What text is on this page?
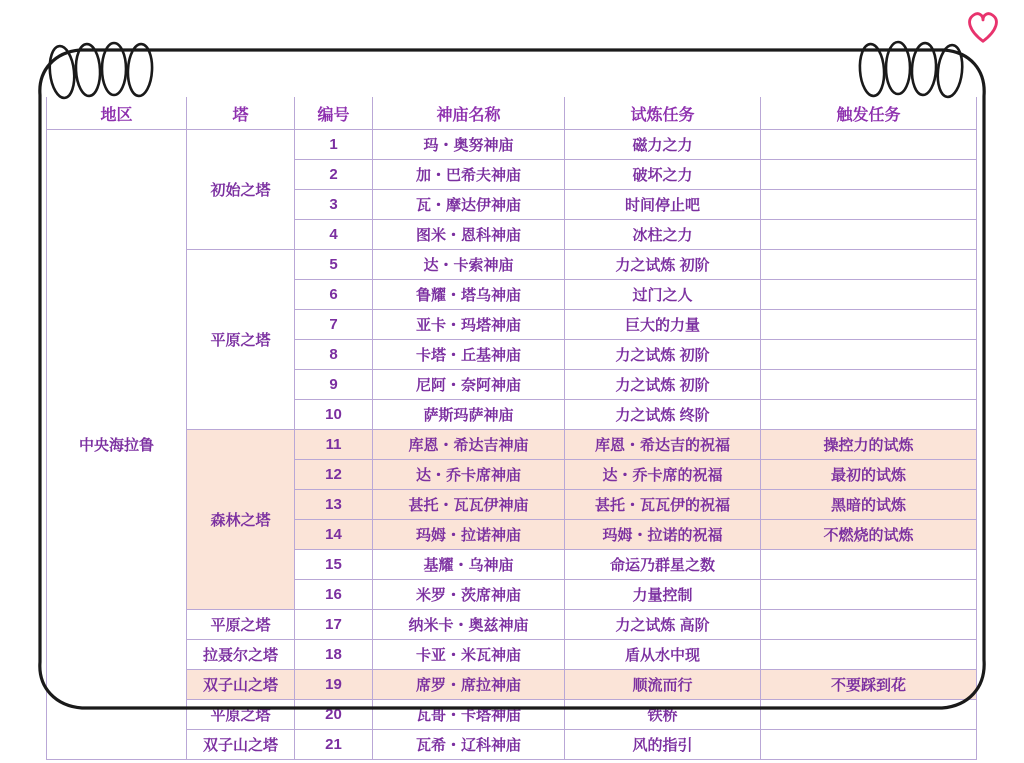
地区	塔	编号	神庙名称	试炼任务	触发任务
中央海拉鲁	初始之塔	1	玛・奥努神庙	磁力之力	
		2	加・巴希夫神庙	破坏之力	
		3	瓦・摩达伊神庙	时间停止吧	
		4	图米・恩科神庙	冰柱之力	
	平原之塔	5	达・卡索神庙	力之试炼 初阶	
		6	鲁耀・塔乌神庙	过门之人	
		7	亚卡・玛塔神庙	巨大的力量	
		8	卡塔・丘基神庙	力之试炼 初阶	
		9	尼阿・奈阿神庙	力之试炼 初阶	
		10	萨斯玛萨神庙	力之试炼 终阶	
	森林之塔	11	库恩・希达吉神庙	库恩・希达吉的祝福	操控力的试炼
		12	达・乔卡席神庙	达・乔卡席的祝福	最初的试炼
		13	甚托・瓦瓦伊神庙	甚托・瓦瓦伊的祝福	黑暗的试炼
		14	玛姆・拉诺神庙	玛姆・拉诺的祝福	不燃烧的试炼
		15	基耀・乌神庙	命运乃群星之数	
		16	米罗・茨席神庙	力量控制	
	平原之塔	17	纳米卡・奥兹神庙	力之试炼 高阶	
	拉聂尔之塔	18	卡亚・米瓦神庙	盾从水中现	
	双子山之塔	19	席罗・席拉神庙	顺流而行	不要踩到花
	平原之塔	20	瓦哥・卡塔神庙	铁桥	
	双子山之塔	21	瓦希・辽科神庙	风的指引	
